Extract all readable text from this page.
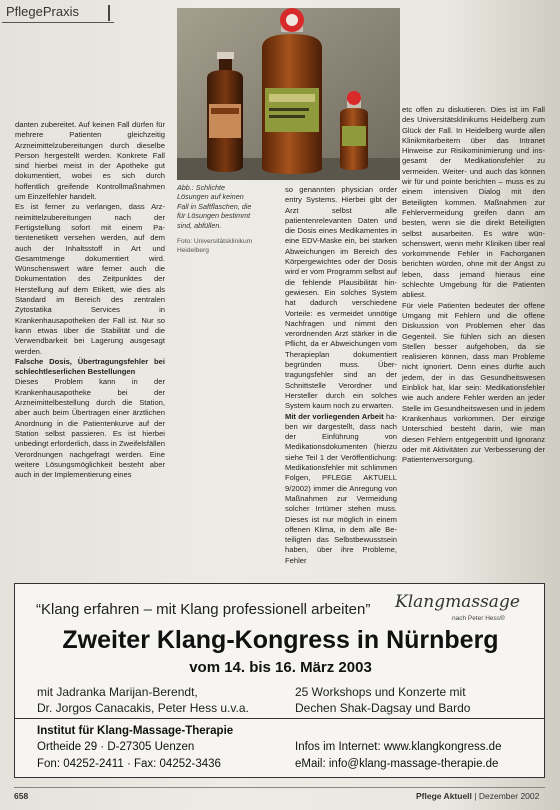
PflegePraxis
Abb.: Schlichte Lösungen auf keinen Fall in Saftflaschen, die für Lösungen bestimmt sind, abfüllen.
Foto: Universitätsklinikum Heidelberg

danten zubereitet. Auf keinen Fall dürfen für mehrere Patienten gleichzeitig Arzneimittelzubereitungen durch dieselbe Person hergestellt werden. Konkrete Fall sind hierbei meist in der Apotheke gut dokumentiert, wobei es sich durch hoffentlich greifende Kontrollmaßnahmen um Einzelfehler handelt.

Es ist ferner zu verlangen, dass Arzneimittelzubereitungen nach der Fertigstellung sofort mit einem Patientenetikett versehen werden, auf dem auch der Inhaltsstoff in Art und Gesamtmenge dokumentiert wird. Wünschenswert wäre ferner auch die Dokumentation des Zeitpunktes der Herstellung auf dem Etikett, wie dies als Standard im Bereich des zentralen Zytostatika Services in Krankenhausapotheken der Fall ist. Nur so kann etwas über die Stabilität und die Verwendbarkeit bei Lagerung ausgesagt werden.

Falsche Dosis, Übertragungsfehler bei schlechtleserlichen Bestellungen

Dieses Problem kann in der Krankenhausapotheke bei der Arzneimittelbestellung durch die Station, aber auch beim Übertragen einer ärztlichen Anordnung in die Patientenkurve auf der Station selbst passieren. Es ist hierbei unbedingt erforderlich, dass in Zweifelsfällen Verordnungen nachgefragt werden. Eine weitere Lösungsmöglichkeit besteht aber auch in der Implementierung eines

so genannten physician order entry Systems. Hierbei gibt der Arzt selbst alle patientenrelevanten Daten und die Dosis eines Medikamentes in eine EDV-Maske ein, bei starken Abweichungen im Bereich des Körpergewichtes oder der Dosis wird er vom Programm selbst auf die fehlende Plausibilität hingewiesen. Ein solches System hat dadurch verschiedene Vorteile: es vermeidet unnötige Nachfragen und nimmt den verordnenden Arzt stärker in die Pflicht, da er Abweichungen vom Therapieplan dokumentiert begründen muss. Übertragungsfehler sind an der Schnittstelle Verordner und Hersteller durch ein solches System kaum noch zu erwarten.

Mit der vorliegenden Arbeit haben wir dargestellt, dass nach der Einführung von Medikationsdokumenten (hierzu siehe Teil 1 der Veröffentlichung: Medikationsfehler mit schlimmen Folgen, PFLEGE AKTUELL 9/2002) immer die Anregung von Maßnahmen zur Vermeidung solcher Irrtümer stehen muss. Dieses ist nur möglich in einem offenen Klima, in dem alle Beteiligten das Selbstbewusstsein haben, über ihre Probleme, Fehler

etc offen zu diskutieren. Dies ist im Fall des Universitätsklinikums Heidelberg zum Glück der Fall. In Heidelberg wurde allen Klinikmitarbeitern über das Intranet Hinweise zur Risikominimierung und insgesamt der Medikationsfehler zu vermeiden. Weiter- und auch das können wir für und pointe berichten – muss es zu einem intensiven Dialog mit den Beteiligten kommen. Maßnahmen zur Fehlervermeidung greifen dann am besten, wenn sie die direkt Beteiligten selbst ausarbeiten. Es wäre wünschenswert, wenn mehr Kliniken über real vorkommende Fehler in Fachorganen berichten würden, ohne mit der Angst zu leben, dass jemand hieraus eine schlechte Umgebung für die Patienten abliest.

Für viele Patienten bedeutet der offene Umgang mit Fehlern und die offene Diskussion von Problemen eher das Gegenteil. Sie fühlen sich an diesen Stellen besser aufgehoben, da sie realisieren können, dass man Probleme nicht ignoriert. Denn eines dürfte auch jedem, der in das Gesundheitswesen Einblick hat, klar sein: Medikationsfehler wie auch andere Fehler werden an jeder Stelle im Gesundheitswesen und in jedem Krankenhaus vorkommen. Der einzige Unterschied besteht darin, wie man diesen Fehlern entgegentritt und Ignoranz oder mit Aktivitäten zur Verbesserung der Patientenversorgung.

“Klang erfahren – mit Klang professionell arbeiten” Klangmassage
nach Peter Hess®
Zweiter Klang-Kongress in Nürnberg
vom 14. bis 16. März 2003
mit Jadranka Marijan-Berendt,
Dr. Jorgos Canacakis, Peter Hess u.v.a.
25 Workshops und Konzerte mit
Dechen Shak-Dagsay und Bardo
Institut für Klang-Massage-Therapie
Ortheide 29 · D-27305 Uenzen
Fon: 04252-2411 · Fax: 04252-3436
Infos im Internet: www.klangkongress.de
eMail: info@klang-massage-therapie.de
658	Pflege Aktuell | Dezember 2002
